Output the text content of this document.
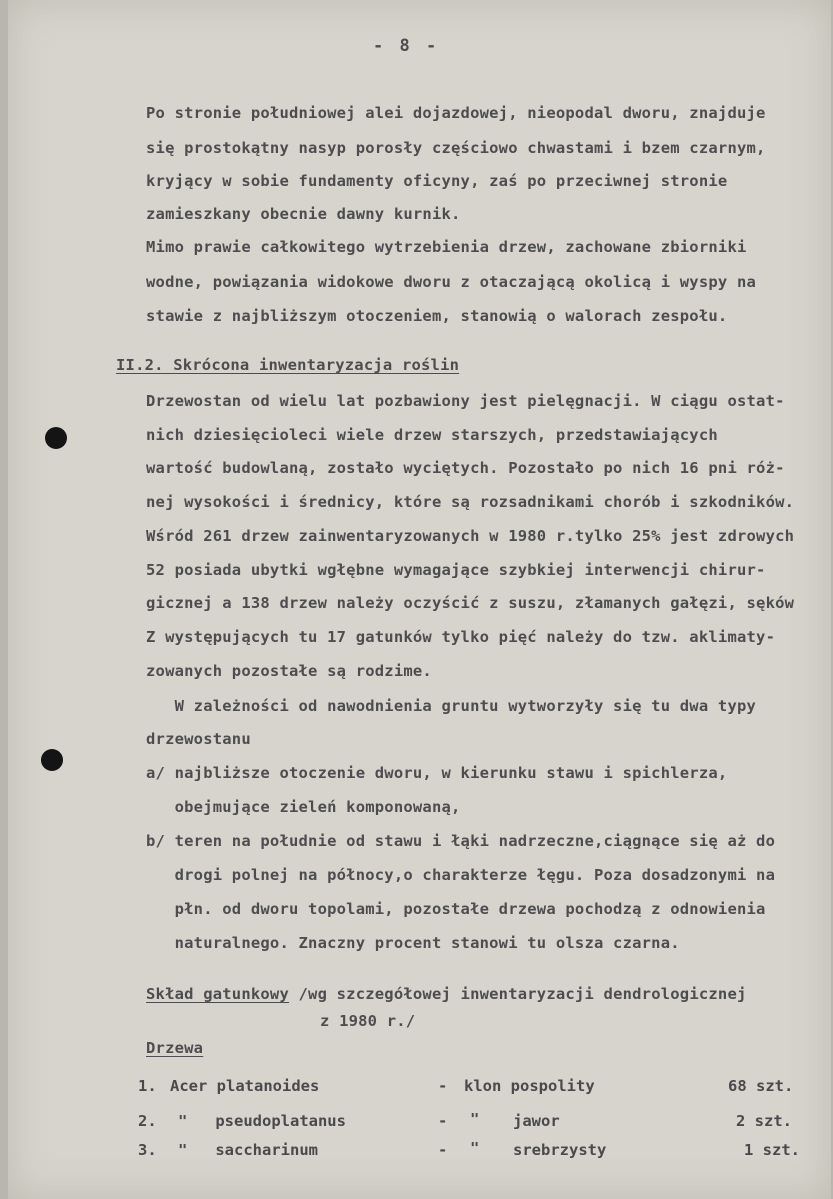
- 8 -
Po stronie południowej alei dojazdowej, nieopodal dworu, znajduje
się prostokątny nasyp porosły częściowo chwastami i bzem czarnym,
kryjący w sobie fundamenty oficyny, zaś po przeciwnej stronie
zamieszkany obecnie dawny kurnik.
Mimo prawie całkowitego wytrzebienia drzew, zachowane zbiorniki
wodne, powiązania widokowe dworu z otaczającą okolicą i wyspy na
stawie z najbliższym otoczeniem, stanowią o walorach zespołu.
II.2. Skrócona inwentaryzacja roślin
Drzewostan od wielu lat pozbawiony jest pielęgnacji. W ciągu ostat-
nich dziesięcioleci wiele drzew starszych, przedstawiających
wartość budowlaną, zostało wyciętych. Pozostało po nich 16 pni róż-
nej wysokości i średnicy, które są rozsadnikami chorób i szkodników.
Wśród 261 drzew zainwentaryzowanych w 1980 r.tylko 25% jest zdrowych
52 posiada ubytki wgłębne wymagające szybkiej interwencji chirur-
gicznej a 138 drzew należy oczyścić z suszu, złamanych gałęzi, sęków
Z występujących tu 17 gatunków tylko pięć należy do tzw. aklimaty-
zowanych pozostałe są rodzime.
W zależności od nawodnienia gruntu wytworzyły się tu dwa typy
drzewostanu
a/ najbliższe otoczenie dworu, w kierunku stawu i spichlerza,
obejmujące zieleń komponowaną,
b/ teren na południe od stawu i łąki nadrzeczne,ciągnące się aż do
drogi polnej na północy,o charakterze łęgu. Poza dosadzonymi na
płn. od dworu topolami, pozostałe drzewa pochodzą z odnowienia
naturalnego. Znaczny procent stanowi tu olsza czarna.
Skład gatunkowy /wg szczegółowej inwentaryzacji dendrologicznej
z 1980 r./
Drzewa
1. Acer platanoides	- klon pospolity	68 szt.
2. "   pseudoplatanus	- " jawor	2 szt.
3. "   saccharinum	- " srebrzysty	1 szt.
